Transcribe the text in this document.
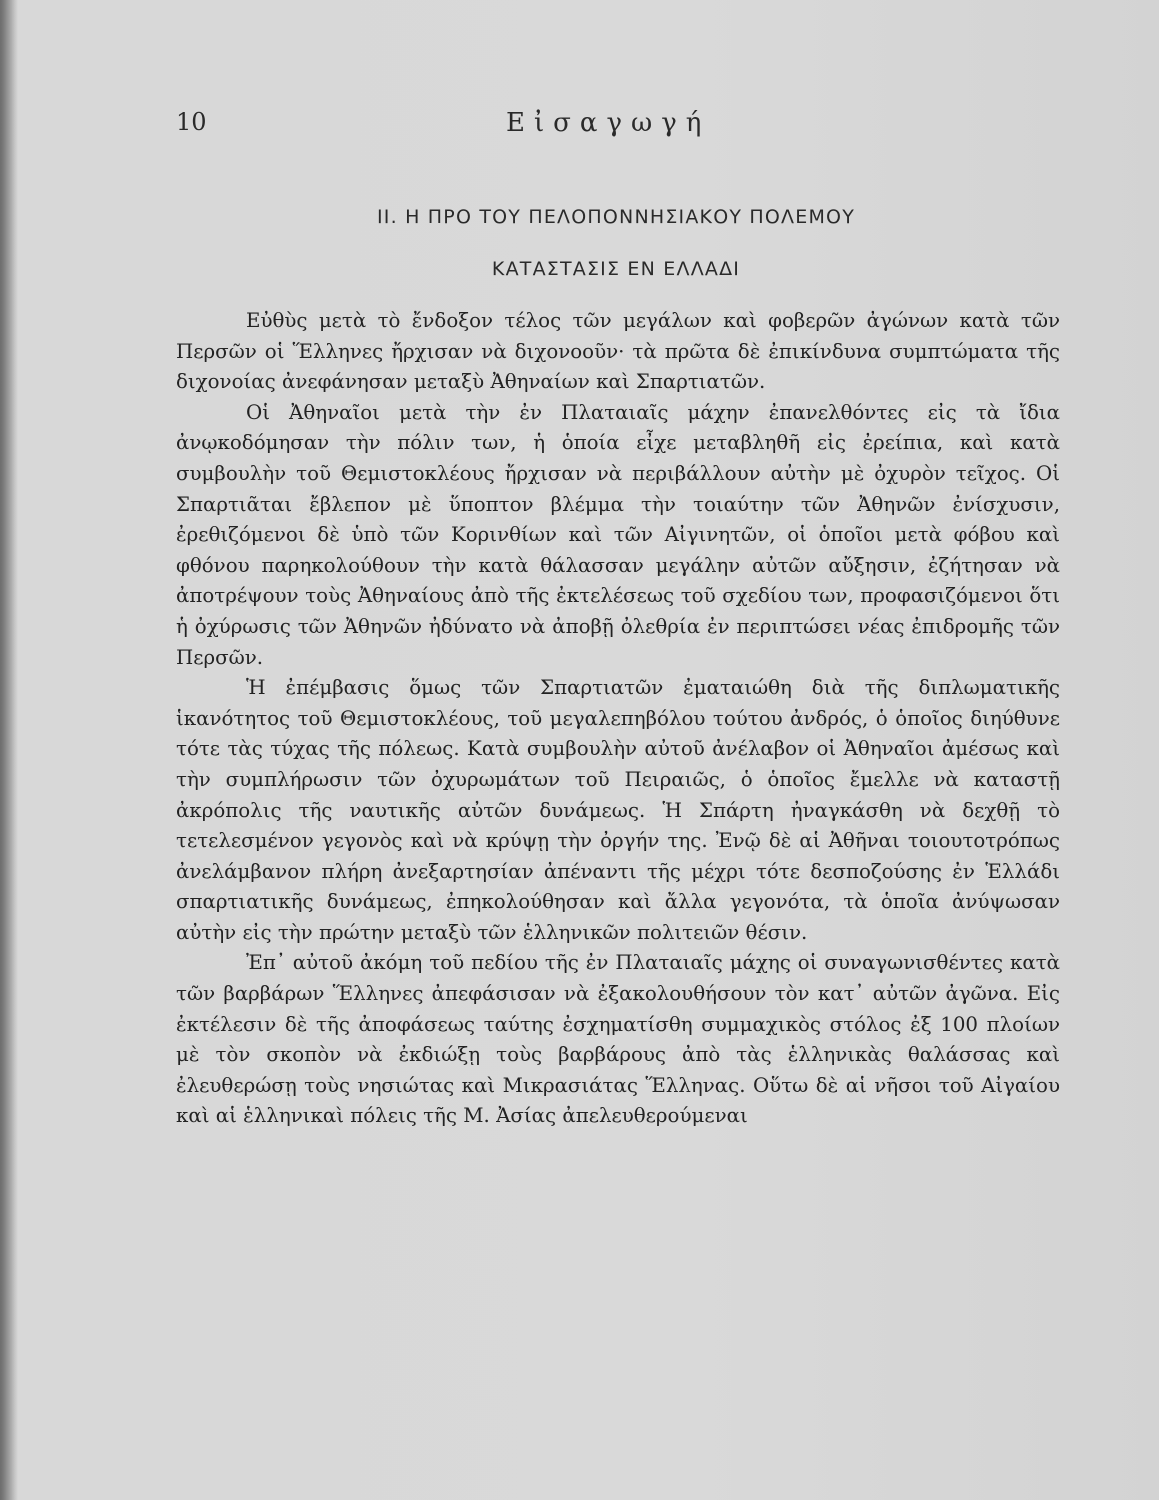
10	Εἰσαγωγή
ΙΙ. Η ΠΡΟ ΤΟΥ ΠΕΛΟΠΟΝΝΗΣΙΑΚΟΥ ΠΟΛΕΜΟΥ
ΚΑΤΑΣΤΑΣΙΣ ΕΝ ΕΛΛΑΔΙ

Εὐθὺς μετὰ τὸ ἔνδοξον τέλος τῶν μεγάλων καὶ φοβερῶν ἀγώνων κατὰ τῶν Περσῶν οἱ Ἕλληνες ἤρχισαν νὰ διχονοοῦν· τὰ πρῶτα δὲ ἐπικίνδυνα συμπτώματα τῆς διχονοίας ἀνεφάνησαν μεταξὺ Ἀθηναίων καὶ Σπαρτιατῶν.

Οἱ Ἀθηναῖοι μετὰ τὴν ἐν Πλαταιαῖς μάχην ἐπανελθόντες εἰς τὰ ἴδια ἀνῳκοδόμησαν τὴν πόλιν των, ἡ ὁποία εἶχε μεταβληθῆ εἰς ἐρείπια, καὶ κατὰ συμβουλὴν τοῦ Θεμιστοκλέους ἤρχισαν νὰ περιβάλλουν αὐτὴν μὲ ὀχυρὸν τεῖχος. Οἱ Σπαρτιᾶται ἔβλεπον μὲ ὕποπτον βλέμμα τὴν τοιαύτην τῶν Ἀθηνῶν ἐνίσχυσιν, ἐρεθιζόμενοι δὲ ὑπὸ τῶν Κορινθίων καὶ τῶν Αἰγινητῶν, οἱ ὁποῖοι μετὰ φόβου καὶ φθόνου παρηκολούθουν τὴν κατὰ θάλασσαν μεγάλην αὐτῶν αὔξησιν, ἐζήτησαν νὰ ἀποτρέψουν τοὺς Ἀθηναίους ἀπὸ τῆς ἐκτελέσεως τοῦ σχεδίου των, προφασιζόμενοι ὅτι ἡ ὀχύρωσις τῶν Ἀθηνῶν ἠδύνατο νὰ ἀποβῇ ὀλεθρία ἐν περιπτώσει νέας ἐπιδρομῆς τῶν Περσῶν.

Ἡ ἐπέμβασις ὅμως τῶν Σπαρτιατῶν ἐματαιώθη διὰ τῆς διπλωματικῆς ἱκανότητος τοῦ Θεμιστοκλέους, τοῦ μεγαλεπηβόλου τούτου ἀνδρός, ὁ ὁποῖος διηύθυνε τότε τὰς τύχας τῆς πόλεως. Κατὰ συμβουλὴν αὐτοῦ ἀνέλαβον οἱ Ἀθηναῖοι ἀμέσως καὶ τὴν συμπλήρωσιν τῶν ὀχυρωμάτων τοῦ Πειραιῶς, ὁ ὁποῖος ἔμελλε νὰ καταστῇ ἀκρόπολις τῆς ναυτικῆς αὐτῶν δυνάμεως. Ἡ Σπάρτη ἠναγκάσθη νὰ δεχθῇ τὸ τετελεσμένον γεγονὸς καὶ νὰ κρύψῃ τὴν ὀργήν της. Ἐνῷ δὲ αἱ Ἀθῆναι τοιουτοτρόπως ἀνελάμβανον πλήρη ἀνεξαρτησίαν ἀπέναντι τῆς μέχρι τότε δεσποζούσης ἐν Ἑλλάδι σπαρτιατικῆς δυνάμεως, ἐπηκολούθησαν καὶ ἄλλα γεγονότα, τὰ ὁποῖα ἀνύψωσαν αὐτὴν εἰς τὴν πρώτην μεταξὺ τῶν ἑλληνικῶν πολιτειῶν θέσιν.

Ἐπ᾽ αὐτοῦ ἀκόμη τοῦ πεδίου τῆς ἐν Πλαταιαῖς μάχης οἱ συναγωνισθέντες κατὰ τῶν βαρβάρων Ἕλληνες ἀπεφάσισαν νὰ ἐξακολουθήσουν τὸν κατ᾽ αὐτῶν ἀγῶνα. Εἰς ἐκτέλεσιν δὲ τῆς ἀποφάσεως ταύτης ἐσχηματίσθη συμμαχικὸς στόλος ἐξ 100 πλοίων μὲ τὸν σκοπὸν νὰ ἐκδιώξῃ τοὺς βαρβάρους ἀπὸ τὰς ἑλληνικὰς θαλάσσας καὶ ἐλευθερώσῃ τοὺς νησιώτας καὶ Μικρασιάτας Ἕλληνας. Οὕτω δὲ αἱ νῆσοι τοῦ Αἰγαίου καὶ αἱ ἑλληνικαὶ πόλεις τῆς Μ. Ἀσίας ἀπελευθερούμεναι
